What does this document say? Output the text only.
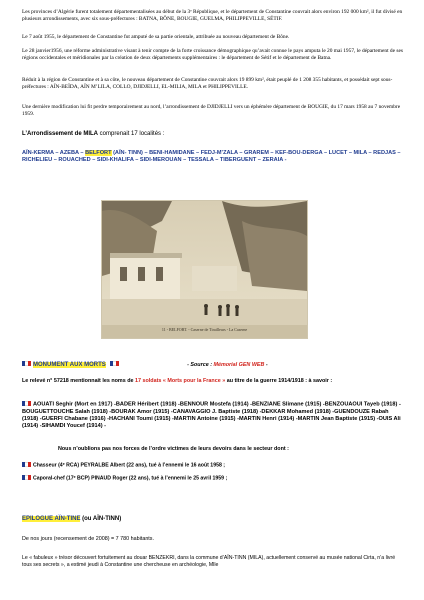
Les provinces d’Algérie furent totalement départementalisées au début de la 3ᵉ République, et le département de Constantine couvrait alors environ 192 000 km², il fut divisé en plusieurs arrondissements, avec six sous-préfectures : BATNA, BÔNE, BOUGIE, GUELMA, PHILIPPEVILLE, SÉTIF.

Le 7 août 1955, le département de Constantine fut amputé de sa partie orientale, attribuée au nouveau département de Bône.

Le 28 janvier1956, une réforme administrative visant à tenir compte de la forte croissance démographique qu’avait connue le pays amputa le 20 mai 1957, le département de ses régions occidentales et méridionales par la création de deux départements supplémentaires : le département de Sétif et le département de Batna.

Réduit à la région de Constantine et à sa côte, le nouveau département de Constantine couvrait alors 19 899 km², était peuplé de 1 208 355 habitants, et possédait sept sous-préfectures : AÏN-BEÏDA, AÏN M’LILA, COLLO, DJIDJELLI, EL-MILIA, MILA et PHILIPPEVILLE.

Une dernière modification lui fit perdre temporairement au nord, l’arrondissement de DJIDJELLI vers un éphémère département de BOUGIE, du 17 mars 1958 au 7 novembre 1959.

L’Arrondissement de MILA comprenait 17 localités :

AÏN-KERMA – AZEBA – BELFORT (AÏN- TINN) – BENI-HAMIDANE – FEDJ-M’ZALA – GRAREM – KEF-BOU-DERGA – LUCET – MILA – REDJAS – RICHELIEU – ROUACHED – SIDI-KHALIFA – SIDI-MEROUAN – TESSALA – TIBERGUENT – ZERAIA -

11 - BELFORT. - Caserne de Tirailleurs - La Caserne

MONUMENT AUX MORTS	- Source : Mémorial GEN WEB -

Le relevé n° 57218 mentionnait les noms de 17 soldats « Morts pour la France » au titre de la guerre 1914/1918 : à savoir :

AOUATI Seghir (Mort en 1917) -BADER Héribert (1918) -BENNOUR Mostefa (1914) -BENZIANE Slimane (1915) -BENZOUAOUI Tayeb (1918) -BOUGUETTOUCHE Salah (1918) -BOURAK Amor (1915) -CANAVAGGIO J. Baptiste (1918) -DEKKAR Mohamed (1918) -GUENDOUZE Rabah (1918) -GUERFI Chabane (1916) -HACHANI Toumi (1915) -MARTIN Antoine (1915) -MARTIN Henri (1914) -MARTIN Jean Baptiste (1915) -OUIS Ali (1914) -SIHAMDI Youcef (1914) -

Nous n’oublions pas nos forces de l’ordre victimes de leurs devoirs dans le secteur dont :

Chasseur (4ᵉ RCA) PEYRALBE Albert (22 ans), tué à l’ennemi le 16 août 1958 ;

Caporal-chef (17ᵉ BCP) PINAUD Roger (22 ans), tué à l’ennemi le 25 avril 1959 ;

EPILOGUE AÏN-TINE (ou AÏN-TINN)

De nos jours (recensement de 2008) = 7 780 habitants.

Le « fabuleux » trésor découvert fortuitement au douar BENZEKRI, dans la commune d’AÏN-TINN (MILA), actuellement conservé au musée national Cirta, n’a livré tous ses secrets », a estimé jeudi à Constantine une chercheuse en archéologie, Mlle
